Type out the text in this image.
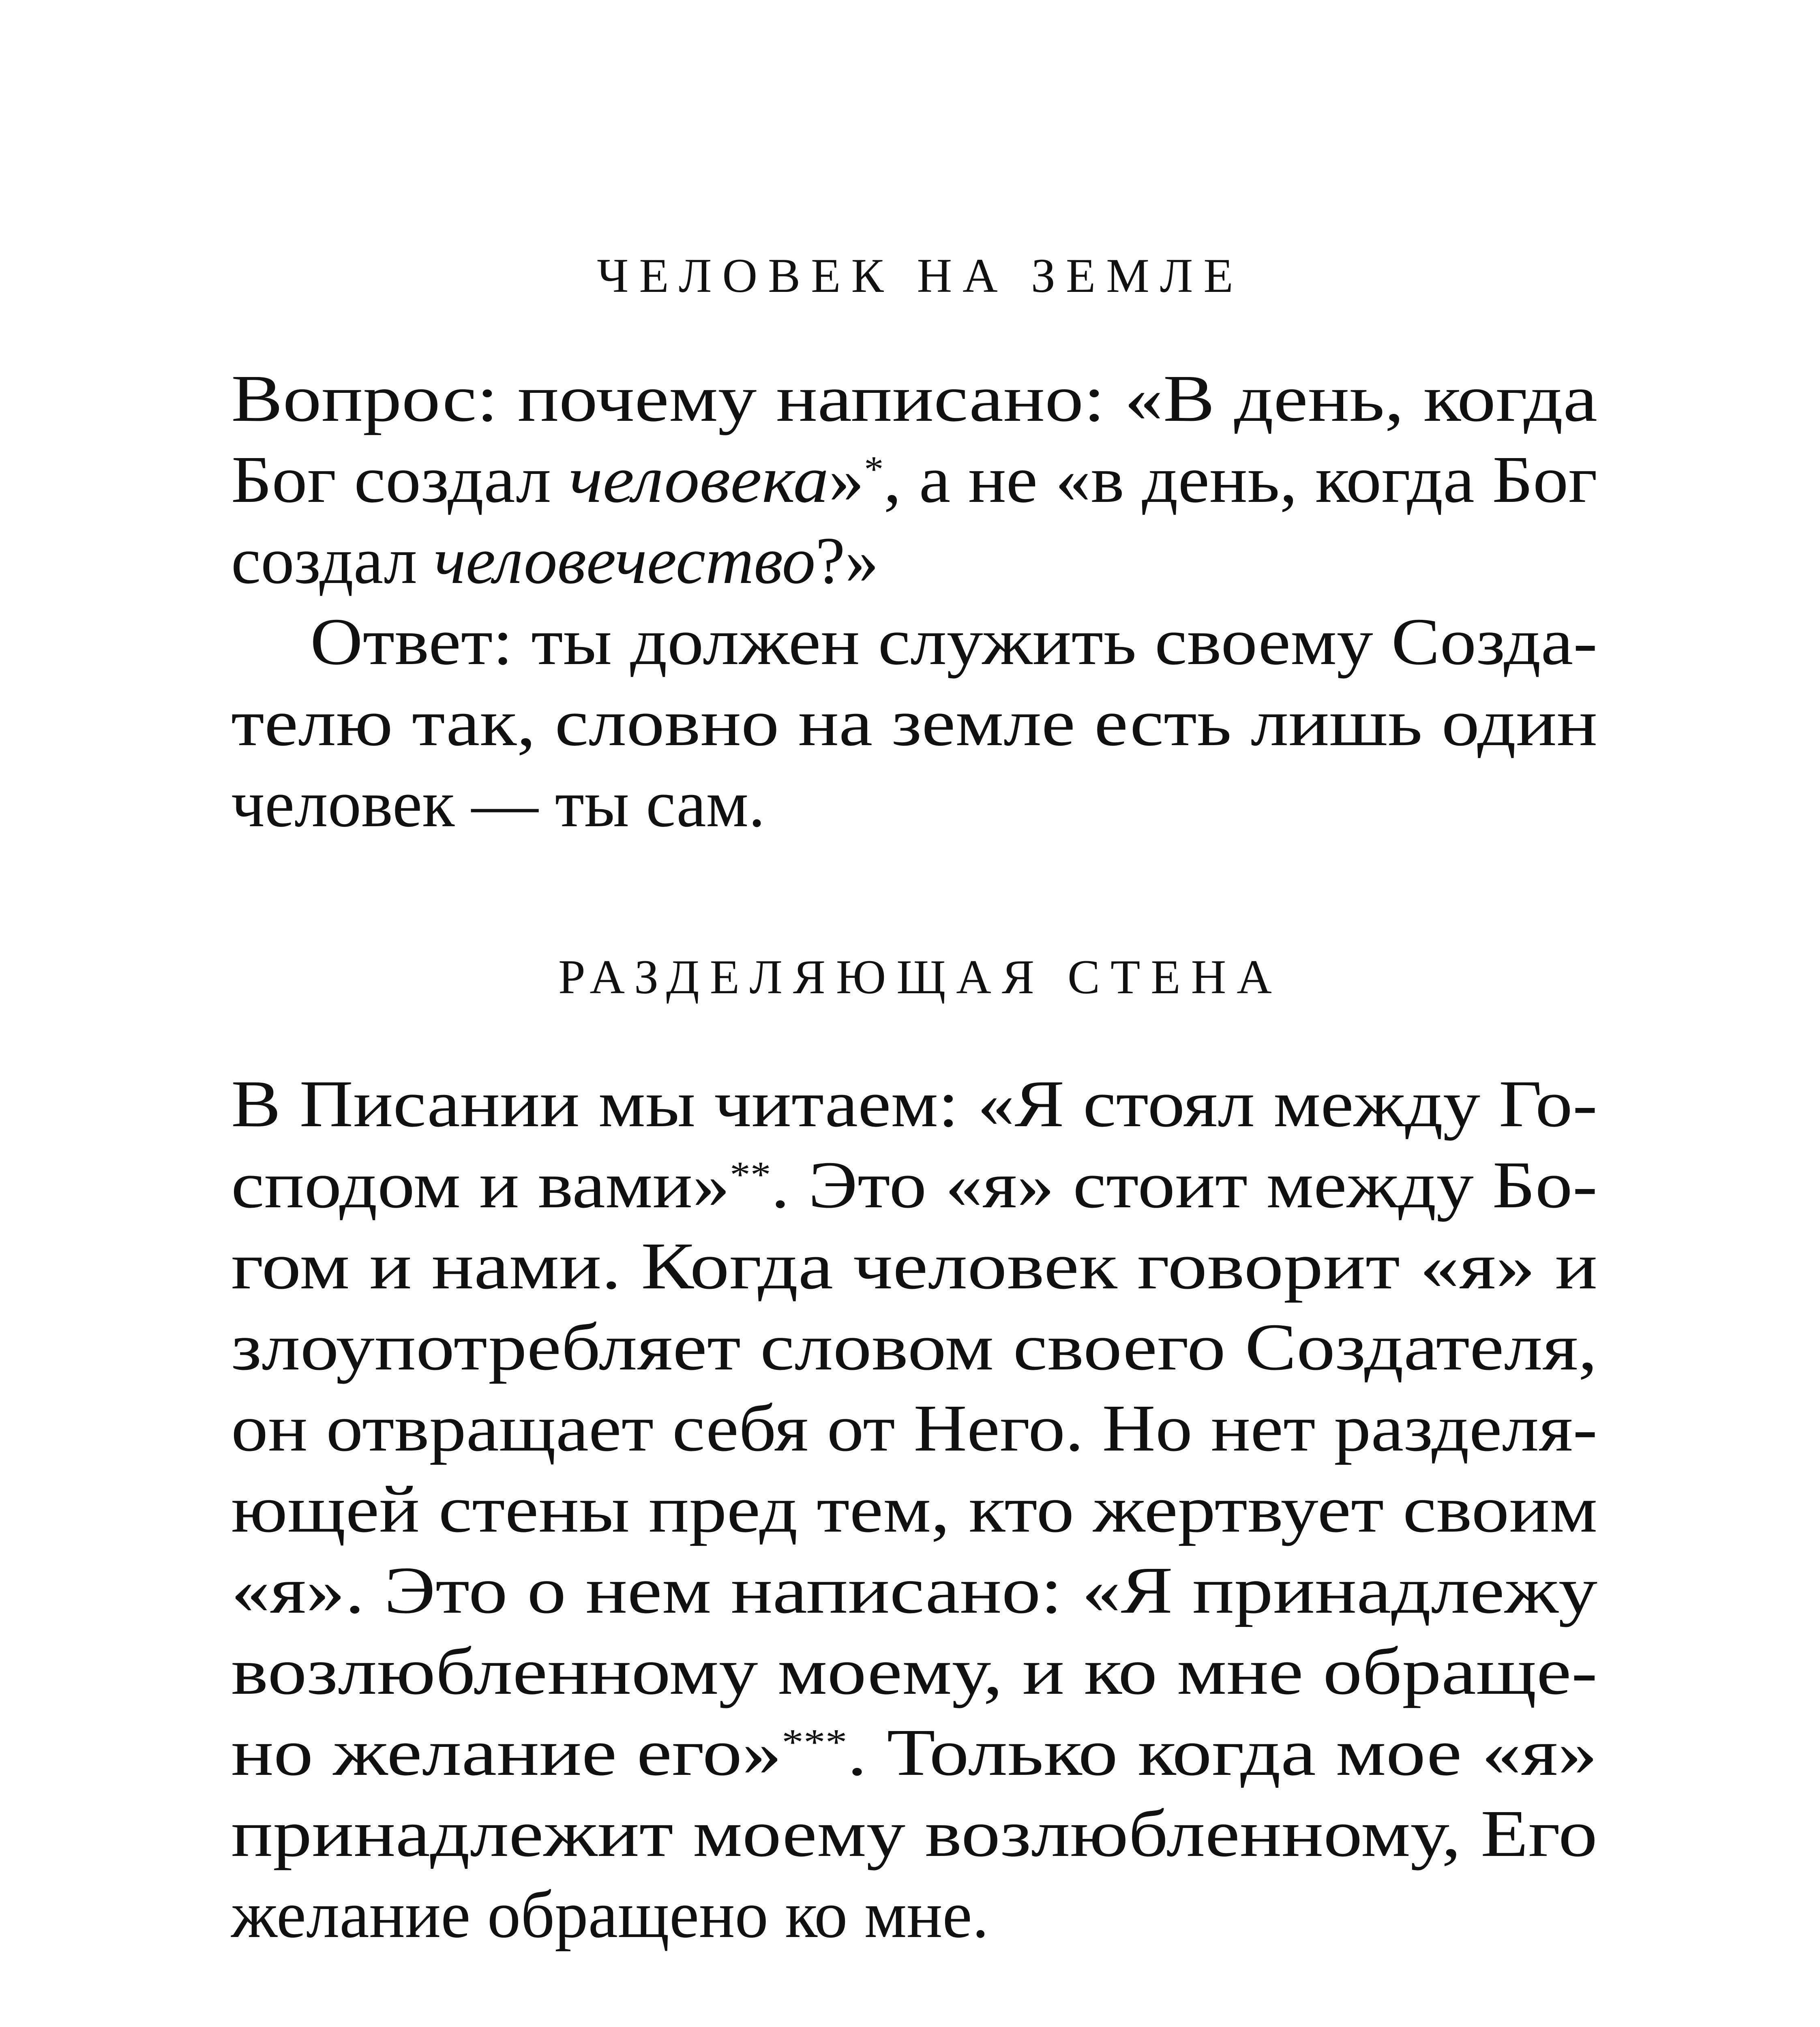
ЧЕЛОВЕК НА ЗЕМЛЕ
Вопрос: почему написано: «В день, когда
Бог создал человека»*, а не «в день, когда Бог
создал человечество?»
Ответ: ты должен служить своему Созда-
телю так, словно на земле есть лишь один
человек — ты сам.
РАЗДЕЛЯЮЩАЯ СТЕНА
В Писании мы читаем: «Я стоял между Го-
сподом и вами»**. Это «я» стоит между Бо-
гом и нами. Когда человек говорит «я» и
злоупотребляет словом своего Создателя,
он отвращает себя от Него. Но нет разделя-
ющей стены пред тем, кто жертвует своим
«я». Это о нем написано: «Я принадлежу
возлюбленному моему, и ко мне обраще-
но желание его»***. Только когда мое «я»
принадлежит моему возлюбленному, Его
желание обращено ко мне.
